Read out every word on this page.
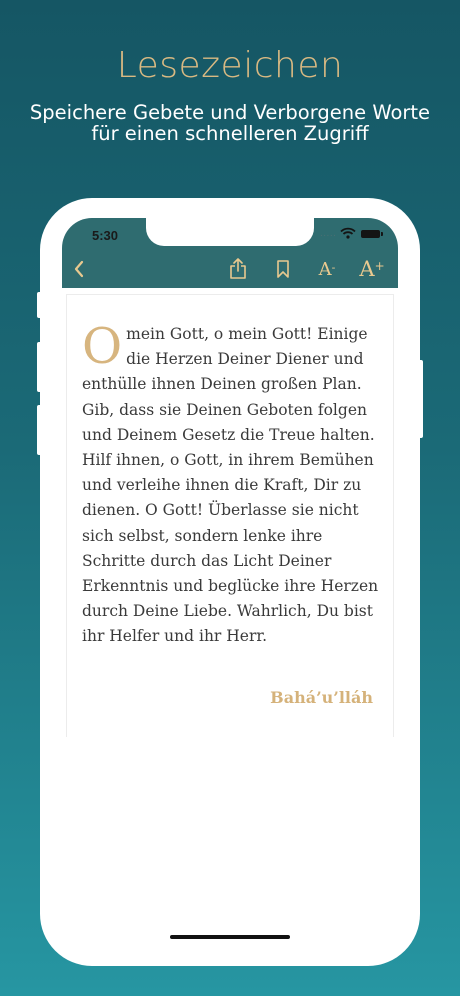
Lesezeichen
Speichere Gebete und Verborgene Worte
für einen schnelleren Zugriff
5:30	.....
A - A +
Omein Gott, o mein Gott! Einige die Herzen Deiner Diener und enthülle ihnen Deinen großen Plan. Gib, dass sie Deinen Geboten folgen und Deinem Gesetz die Treue halten. Hilf ihnen, o Gott, in ihrem Bemühen und verleihe ihnen die Kraft, Dir zu dienen. O Gott! Überlasse sie nicht sich selbst, sondern lenke ihre Schritte durch das Licht Deiner Erkenntnis und beglücke ihre Herzen durch Deine Liebe. Wahrlich, Du bist ihr Helfer und ihr Herr.
Bahá’u’lláh
